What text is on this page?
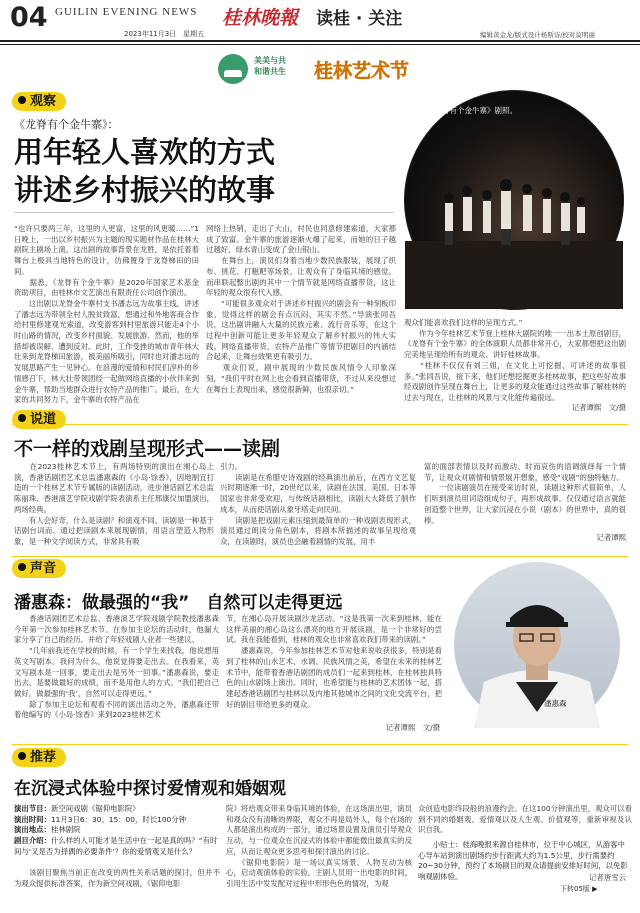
04 GUILIN EVENING NEWS
2023年11月3日　星期五
桂林晚報 读桂 · 关注
编辑黄金龙/版式设计杨斯诗/校对莫明丽
美美与共
和谐共生 桂林艺术节
观察
《龙脊有个金牛寨》：
用年轻人喜欢的方式
讲述乡村振兴的故事
《龙脊有个金牛寨》剧照。

“也许只要两三年，这里的人更富，这里的风更暖……”1日晚上，一出以乡村振兴为主题的现实题材作品在桂林大剧院主剧场上演。这出剧的故事背景在龙胜，是依托着着舞台上极具当地特色的设计，仿佛置身于龙脊梯田的田间。
　　据悉，《龙脊有个金牛寨》是2020年国家艺术基金资助项目，由桂林市文艺演出有限责任公司创作演出。
　　这出剧以龙脊金牛寨村支书潘志远为故事主线，讲述了潘志远为带领全村人脱贫致富，想通过和外地客商合作给村里修建观光索道，改变游客到村里旅游只能走4个小时山路的情况，改变乡村面貌、发展旅游、然而，他的举措却被误解、遭到反对。此时，工作受挫的城市青年林大壮来到龙脊梯田旅游，被美丽所吸引，同时也对潘志远的发展思路产生一见钟心。在浪漫的爱情和村民们淳朴的乡情感召下，林大壮带领团经一起做网络直播的小伙伴来到金牛寨，帮助当地群众进行农特产品的推广。最后，在大家的共同努力下，金牛寨的农特产品在

网络上热销，走出了大山，村民也同意修建索道，大家都成了致富。金牛寨的旅游逐渐火爆了起来，而她的日子越过越好，绿水青山变成了金山银山。
　　在舞台上，演员们身着当地少数民族服装，展现了织布、挑花、打糍粑等场景，让观众有了身临其境的感觉。而串联起整出剧的其中一个情节就是网络直播带货，这让年轻的观众很有代入感。
　　“可能很多观众对于讲述乡村振兴的剧会有一种刻板印象，觉得这样的剧会有点沉闷，其实不然。”导演张同吾说，这出剧讲融入大量的民族元素、流行音乐等，在这个过程中创新可能让更多年轻观众了解乡村振兴的伟大实践。网络直播带货、农特产品推广等情节把剧目的内涵结合起来，让舞台效果更有吸引力。
　　观众们说，剧中展现的少数民族风情令人印象深刻，“我们平时在网上也会看到直播带货，不过从来没想过在舞台上表现出来，感觉很新鲜，也很亲切。”

观众们能喜欢我们这样的呈现方式。”
　　作为今年桂林艺术节登上桂林大剧院的唯一一出本土原创剧目，《龙脊有个金牛寨》的全体演职人员都非常开心，大家都想把这出剧完美地呈现给所有的观众、讲好桂林故事。
　　“桂林不仅仅有刘三姐，在文化上可挖掘、可讲述的故事很多。”张同吾说，接下来，他们还想挖掘更多桂林故事，把这些好故事经戏剧创作呈现在舞台上，让更多的观众能通过这些故事了解桂林的过去与现在，让桂林的风景与文化能传遍很远。

记者谭熙　文/摄
说道
不一样的戏剧呈现形式——读剧

　　在2023桂林艺术节上，有两场特别的演出在湘心岛上演，香港话剧团艺术总监潘惠森的《小岛·馀香》，因地制宜打造的一个桂林艺术节专属版的读剧活动，进步港话剧艺术总监陈丽珠、香港演艺学院戏剧学院表演系主任邢康仪加盟演出，两场经典。
　　有人会好奇，什么是读剧？和演戏不同，读剧是一种基于话剧台词而、通过把读剧本来展现剧情，用语言塑造人物形象，是一种文学阅读方式，非常具有吸

引力。
　　读剧是在希腊史诗戏剧的经典演出前后，在西方文艺复兴时期逐渐一时，20世纪以来，读剧在法国、美国、日本等国家也非常受欢迎，与传统话剧相比，读剧大大降低了制作成本，从而使话剧从象牙塔走向民间。
　　读剧是把戏剧元素压缩到最简单的一种戏剧表现形式，演员通过朗读分角色剧本，将剧本所描述的故事呈现给观众，在读剧时，演员也会融着剧情的发展，用丰

富的面部表情以及时而激动、时而哀伤的语调演绎每一个情节，让观众对剧情和情景展开想象，感受“戏剧”的独特魅力。
　　一位读剧演员在接受采访时说，读剧这种形式很简单，人们听到演员用词语组成句子，再形成故事，仅仅通过语言就能创造整个世界，让大家沉浸在小说（剧本）的世界中，真的很棒。

记者谭熙
声音
潘惠森：做最强的“我”　自然可以走得更远

　　香港话剧团艺术总监、香港演艺学院戏剧学院教授潘惠森今年第一次参加桂林艺术节。在参加主论坛的活动时，他漏大家分享了自己的经历。并给了年轻戏剧人业者一些建议。
　　“几年前我还在学校的时候，有一个学生来找我，他说想用英文写剧本。我问为什么，他说觉得要走出去。在我看来，英文写剧本是一回事，要走出去是另外一回事。”潘惠森说，要走出去，是要做最好的成绩，而不是用他人的方式。“我们把自己做好，做最强的‘我’，自然可以走得更远。”
　　除了参加主论坛和观看不同的演出活动之外，潘惠森还带着他编写的《小岛·馀香》来到2023桂林艺术

节，在湘心岛开展读剧沙龙活动。“这是我第一次来到桂林，能在这样美丽的湘心岛这么漂亮的地方开展读剧，是一个非常好的尝试。我在我能看到，桂林的观众也非常喜欢我们带来的读剧。”
　　潘惠森说，今年参加桂林艺术节对他来说收获很多，特别是看到了桂林的山水艺术、水调、民族风情之美，希望在未来的桂林艺术节中，能带着香港话剧团的成员们一起来到桂林，在桂林独具特色的山水剧场上演出。同时，也希望能与桂林的艺术团体一起，搭建起香港话剧团与桂林以及内地其他城市之间的文化交流平台，把好的剧目带给更多的观众。

记者谭熙　文/摄
潘惠森
推荐
在沉浸式体验中探讨爱情观和婚姻观
演出节目：新空间戏剧《锯仰电影院》
演出时间：11月3日6：30、15：00，时长100分钟
演出地点：桂林剧院
剧目介绍：什么样的人可能才是生活中在一起是真的吗？“有时间与‘又是否为择偶的必要条件’？你的爱情观又是什么？

　　该剧目聚焦当前正在改变的两性关系话题的探讨，但并不为观众提供标准答案，作为新空间戏剧，《锯仰电影

院》将给观众带来身临其境的体验，在这场演出里，演员和观众没有清晰的界限，观众不再是局外人，每个在场的人都是演出构成的一部分，通过场景设置及演员引导观众互动，与一位观众在沉浸式的体验中都能微出最真实的反应，从而让观众更多思考和探讨演出的讨论。
　　《锯仰电影院》是一场以真实场景、人物互动为核心，启动观演体验的实验。主剧人员用一出电影的时间，引用生活中发发配对过程中形形色色的情况，为观

众创造电影终段般的浪漫约会。在这100分钟演出里，观众可以看到不同的婚姻观、爱情观以及人生观、价值观等，重新审视及认识自我。

　　小贴士：桂海晚报来源自桂林市，位于中心城区，从游客中心导车站到演出剧场约步行距离大约为1.5公里，步行需要约20~30分钟，预约了本场剧目的观众请提前安排好时间，以免影响观剧体验。	记者唐雪云
下转05版 ▶
